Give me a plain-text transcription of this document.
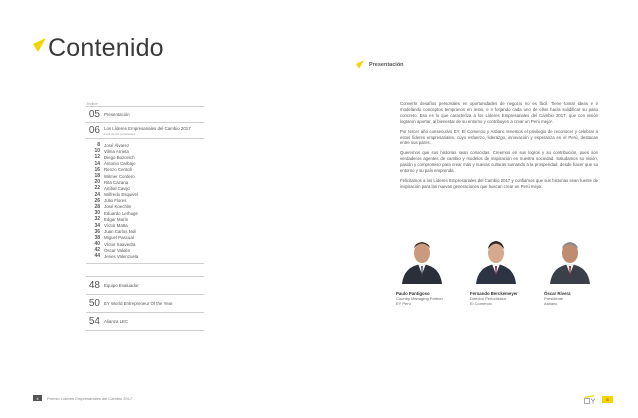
Contenido
Índice
05 Presentación
06 Los Líderes Empresariales del Cambio 2017
Lista de los postulantes
8 José Álvarez
10 Vilma Arrieta
12 Diego Bozovich
14 Antonio Carbajo
16 Renzo Centoll
18 Wilmer Cordero
20 Rita Cazana
22 Aníbal Cavijo
24 Wilfredo Esquivel
26 Julio Flores
28 José Koechlin
30 Eduardo Lerhuge
32 Edgar Marín
34 Víctor Matta
36 Juan Carlos Noli
38 Miguel Pascual
40 Víctor Saavedra
42 Óscar Valdés
44 Jenes Valenzuela
48 Equipo Evaluador
50 EY World Entrepreneur Of the Year
54 Alianza LEC
4	Premio Líderes Empresariales del Cambio 2017
Presentación

Convertir desafíos personales en oportunidades de negocio no es fácil. Tiene tomar ideas e ir modelando conceptos tempranos en retos, e ir forjando cada uno de ellos hacia solidificar su paso concreto. Eso es lo que caracteriza a los Líderes Empresariales del Cambio 2017, que con visión lograron aportar, al bienestar de su entorno y contribuyen a crear un Perú mejor.

Por tercer año consecutivo EY, El Comercio y Asbanc tenemos el privilegio de reconocer y celebrar a estos líderes empresariales, cuyo esfuerzo, liderazgo, innovación y esperanza en el Perú, destacan entre sus pares.

Queremos que sus historias sean conocidas. Creemos en sus logros y su contribución, pues son verdaderos agentes de cambio y modelos de inspiración en nuestra sociedad. Saludamos su visión, pasión y compromiso para crear más y nuevas culturas sumando a la prosperidad, desde hacer que su entorno y su país emprenda.

Felicitamos a los Líderes Empresariales del Cambio 2017 y confiamos que sus historias sean fuente de inspiración para las nuevas generaciones que buscan crear un Perú mejor.

Paulo Pantigoso
Country Managing Partner
EY Perú
Fernando Berckemeyer
Director Periodístico
El Comercio
Óscar Rivera
Presidente
Asbanc
5
